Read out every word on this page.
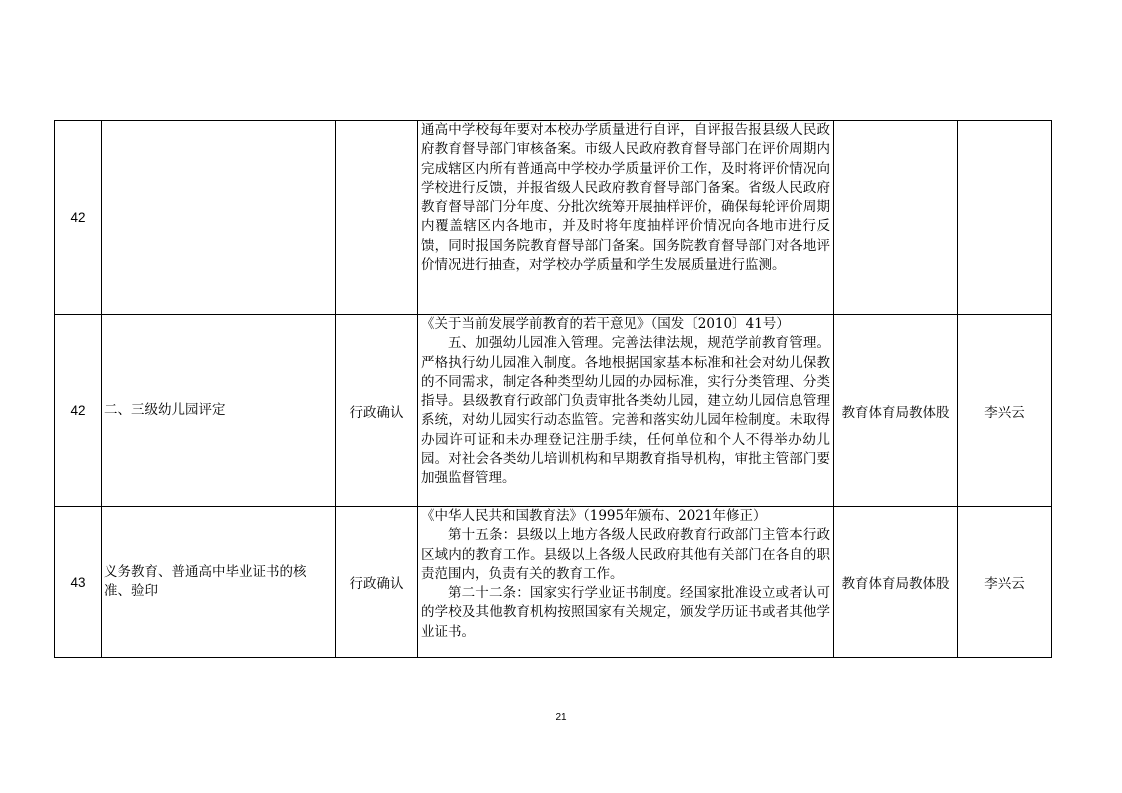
42			通高中学校每年要对本校办学质量进行自评，自评报告报县级人民政府教育督导部门审核备案。市级人民政府教育督导部门在评价周期内完成辖区内所有普通高中学校办学质量评价工作，及时将评价情况向学校进行反馈，并报省级人民政府教育督导部门备案。省级人民政府教育督导部门分年度、分批次统筹开展抽样评价，确保每轮评价周期内覆盖辖区内各地市，并及时将年度抽样评价情况向各地市进行反馈，同时报国务院教育督导部门备案。国务院教育督导部门对各地评价情况进行抽查，对学校办学质量和学生发展质量进行监测。		

42	二、三级幼儿园评定	行政确认	《关于当前发展学前教育的若干意见》（国发〔2010〕41号）
五、加强幼儿园准入管理。完善法律法规，规范学前教育管理。严格执行幼儿园准入制度。各地根据国家基本标准和社会对幼儿保教的不同需求，制定各种类型幼儿园的办园标准，实行分类管理、分类指导。县级教育行政部门负责审批各类幼儿园，建立幼儿园信息管理系统，对幼儿园实行动态监管。完善和落实幼儿园年检制度。未取得办园许可证和未办理登记注册手续，任何单位和个人不得举办幼儿园。对社会各类幼儿培训机构和早期教育指导机构，审批主管部门要加强监督管理。	教育体育局教体股	李兴云
43	义务教育、普通高中毕业证书的核准、验印	行政确认	《中华人民共和国教育法》（1995年颁布、2021年修正）
第十五条：县级以上地方各级人民政府教育行政部门主管本行政区域内的教育工作。县级以上各级人民政府其他有关部门在各自的职责范围内，负责有关的教育工作。
第二十二条：国家实行学业证书制度。经国家批准设立或者认可的学校及其他教育机构按照国家有关规定，颁发学历证书或者其他学业证书。	教育体育局教体股	李兴云
21
